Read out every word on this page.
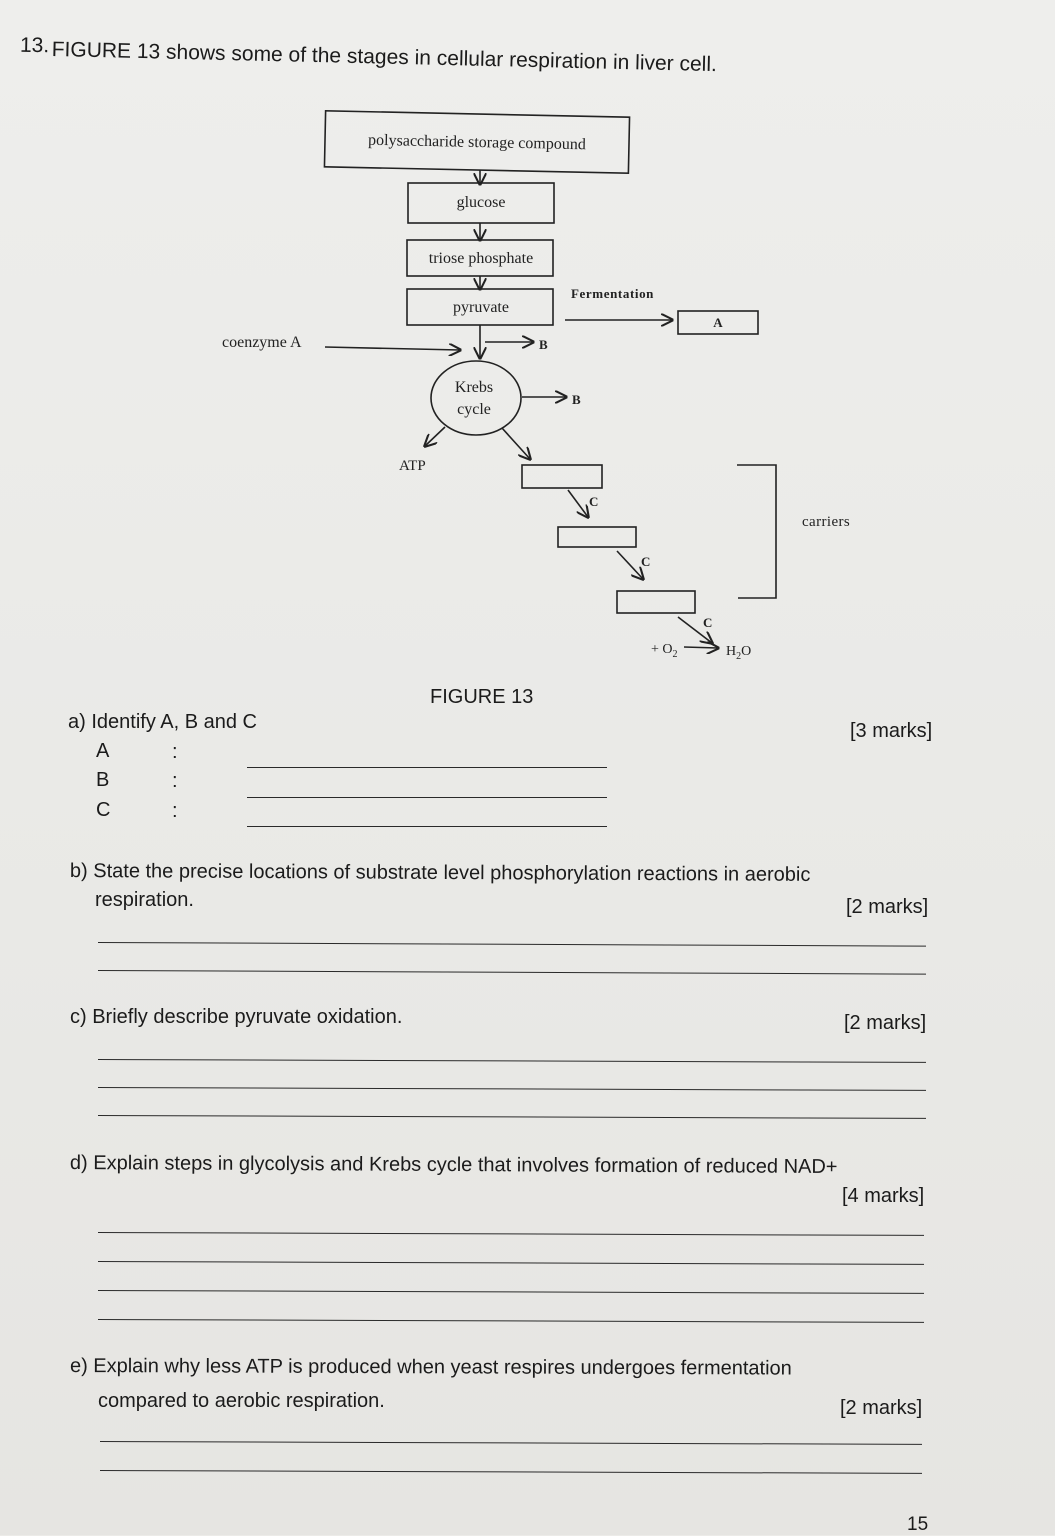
13. FIGURE 13 shows some of the stages in cellular respiration in liver cell.
polysaccharide storage compound
glucose
triose phosphate
pyruvate
A
Fermentation
coenzyme A	B
Krebs
cycle
B
ATP
C
C
C
+ $O_2$	$H_2O$
carriers
FIGURE 13
a) Identify A, B and C	[3 marks]
A	:
B	:
C	:
b) State the precise locations of substrate level phosphorylation reactions in aerobic
respiration.	[2 marks]
c) Briefly describe pyruvate oxidation.	[2 marks]
d) Explain steps in glycolysis and Krebs cycle that involves formation of reduced NAD+
[4 marks]
e) Explain why less ATP is produced when yeast respires undergoes fermentation
compared to aerobic respiration.	[2 marks]
15
